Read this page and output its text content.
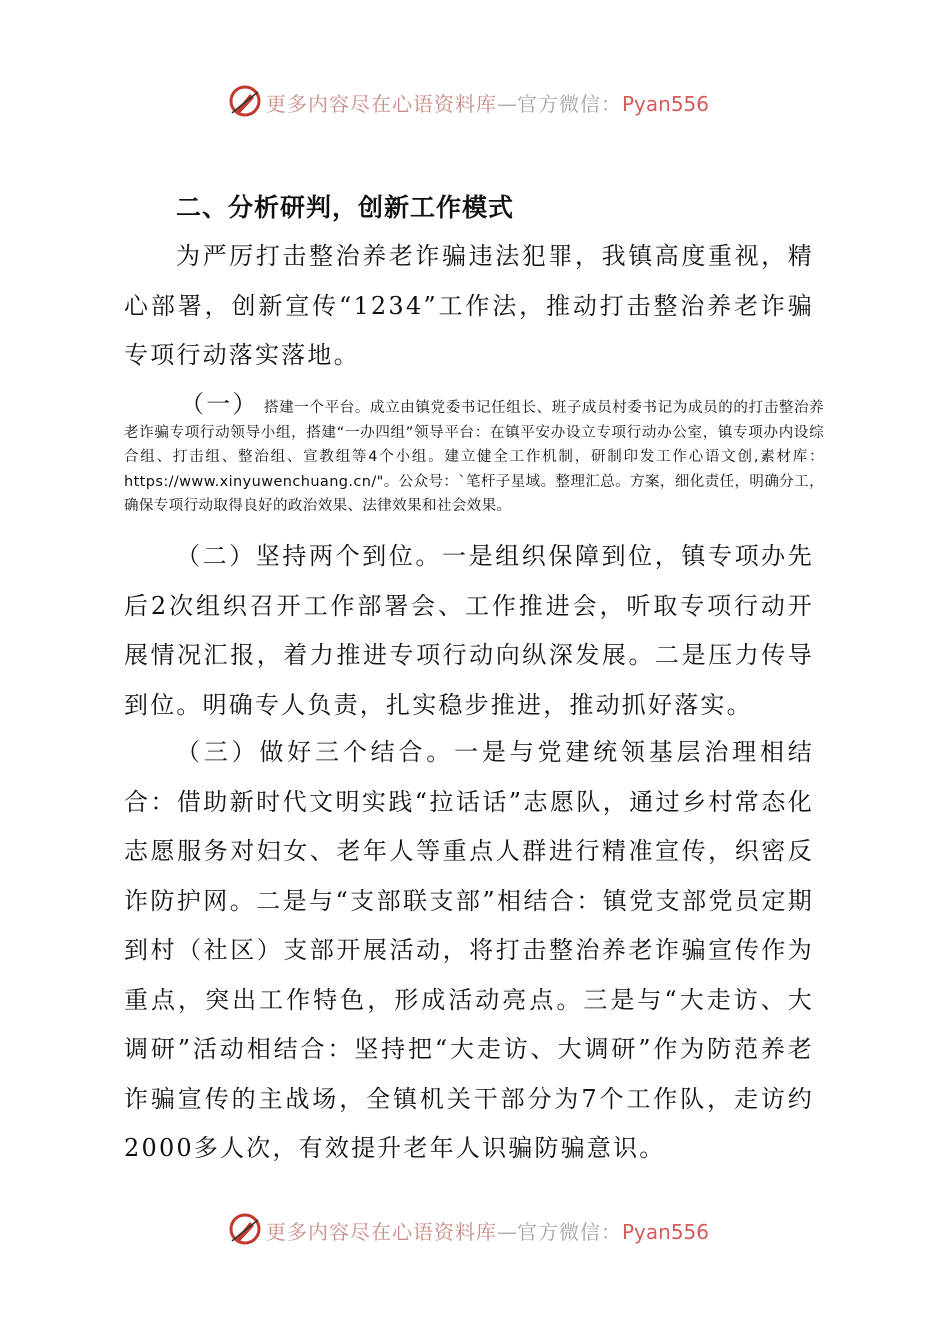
更多内容尽在心语资料库—官方微信：Pyan556
二、分析研判，创新工作模式

为严厉打击整治养老诈骗违法犯罪，我镇高度重视，精心部署，创新宣传“1234”工作法，推动打击整治养老诈骗专项行动落实落地。

（一） 搭建一个平台。成立由镇党委书记任组长、班子成员村委书记为成员的的打击整治养老诈骗专项行动领导小组，搭建“一办四组”领导平台：在镇平安办设立专项行动办公室，镇专项办内设综合组、打击组、整治组、宣教组等4个小组。建立健全工作机制，研制印发工作心语文创,素材库：https://www.xinyuwenchuang.cn/"。公众号：`笔杆子星域。整理汇总。方案，细化责任，明确分工，确保专项行动取得良好的政治效果、法律效果和社会效果。

（二）坚持两个到位。一是组织保障到位，镇专项办先后2次组织召开工作部署会、工作推进会，听取专项行动开展情况汇报，着力推进专项行动向纵深发展。二是压力传导到位。明确专人负责，扎实稳步推进，推动抓好落实。

（三）做好三个结合。一是与党建统领基层治理相结合：借助新时代文明实践“拉话话”志愿队，通过乡村常态化志愿服务对妇女、老年人等重点人群进行精准宣传，织密反诈防护网。二是与“支部联支部”相结合：镇党支部党员定期到村（社区）支部开展活动，将打击整治养老诈骗宣传作为重点，突出工作特色，形成活动亮点。三是与“大走访、大调研”活动相结合：坚持把“大走访、大调研”作为防范养老诈骗宣传的主战场，全镇机关干部分为7个工作队，走访约2000多人次，有效提升老年人识骗防骗意识。

更多内容尽在心语资料库—官方微信：Pyan556
